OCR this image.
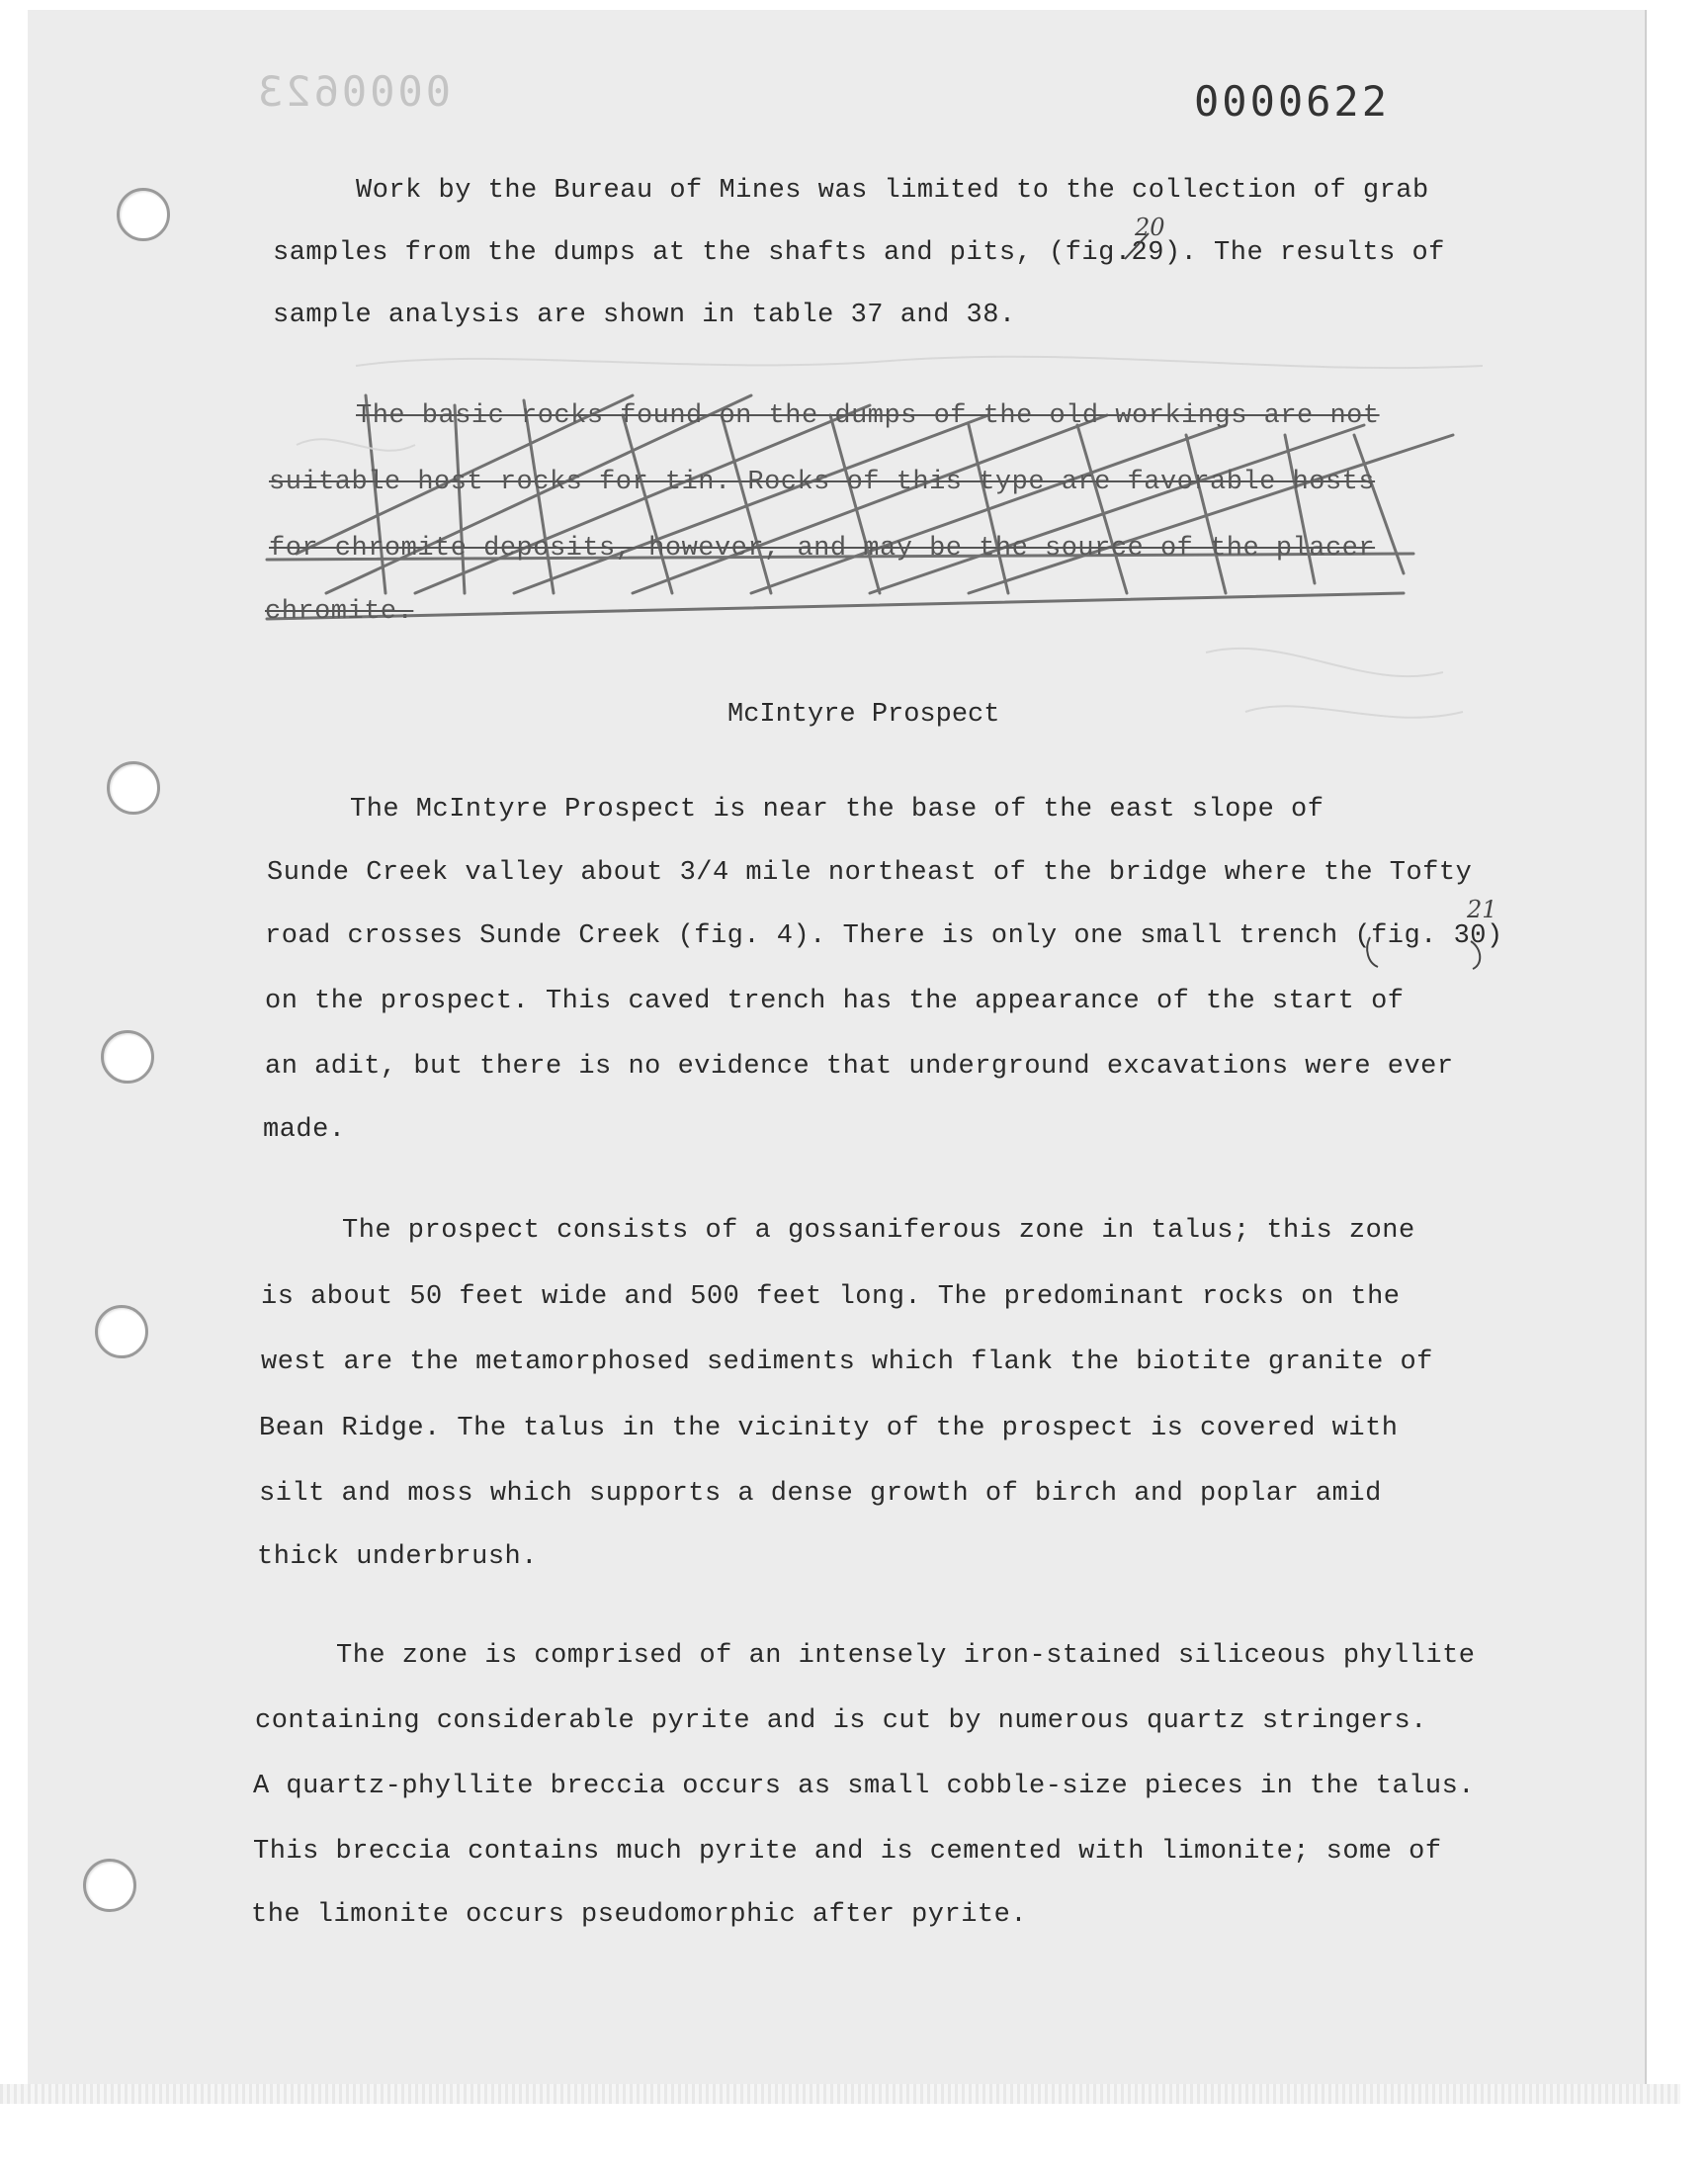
0000623	0000622
Work by the Bureau of Mines was limited to the collection of grab
20
samples from the dumps at the shafts and pits, (fig.29). The results of
sample analysis are shown in table 37 and 38.
The basic rocks found on the dumps of the old workings are not
suitable host rocks for tin. Rocks of this type are favorable hosts
for chromite deposits, however, and may be the source of the placer
chromite.
McIntyre Prospect
The McIntyre Prospect is near the base of the east slope of
Sunde Creek valley about 3/4 mile northeast of the bridge where the Tofty
road crosses Sunde Creek (fig. 4). There is only one small trench (fig. 30)
21
on the prospect. This caved trench has the appearance of the start of
an adit, but there is no evidence that underground excavations were ever
made.
The prospect consists of a gossaniferous zone in talus; this zone
is about 50 feet wide and 500 feet long. The predominant rocks on the
west are the metamorphosed sediments which flank the biotite granite of
Bean Ridge. The talus in the vicinity of the prospect is covered with
silt and moss which supports a dense growth of birch and poplar amid
thick underbrush.
The zone is comprised of an intensely iron-stained siliceous phyllite
containing considerable pyrite and is cut by numerous quartz stringers.
A quartz-phyllite breccia occurs as small cobble-size pieces in the talus.
This breccia contains much pyrite and is cemented with limonite; some of
the limonite occurs pseudomorphic after pyrite.
